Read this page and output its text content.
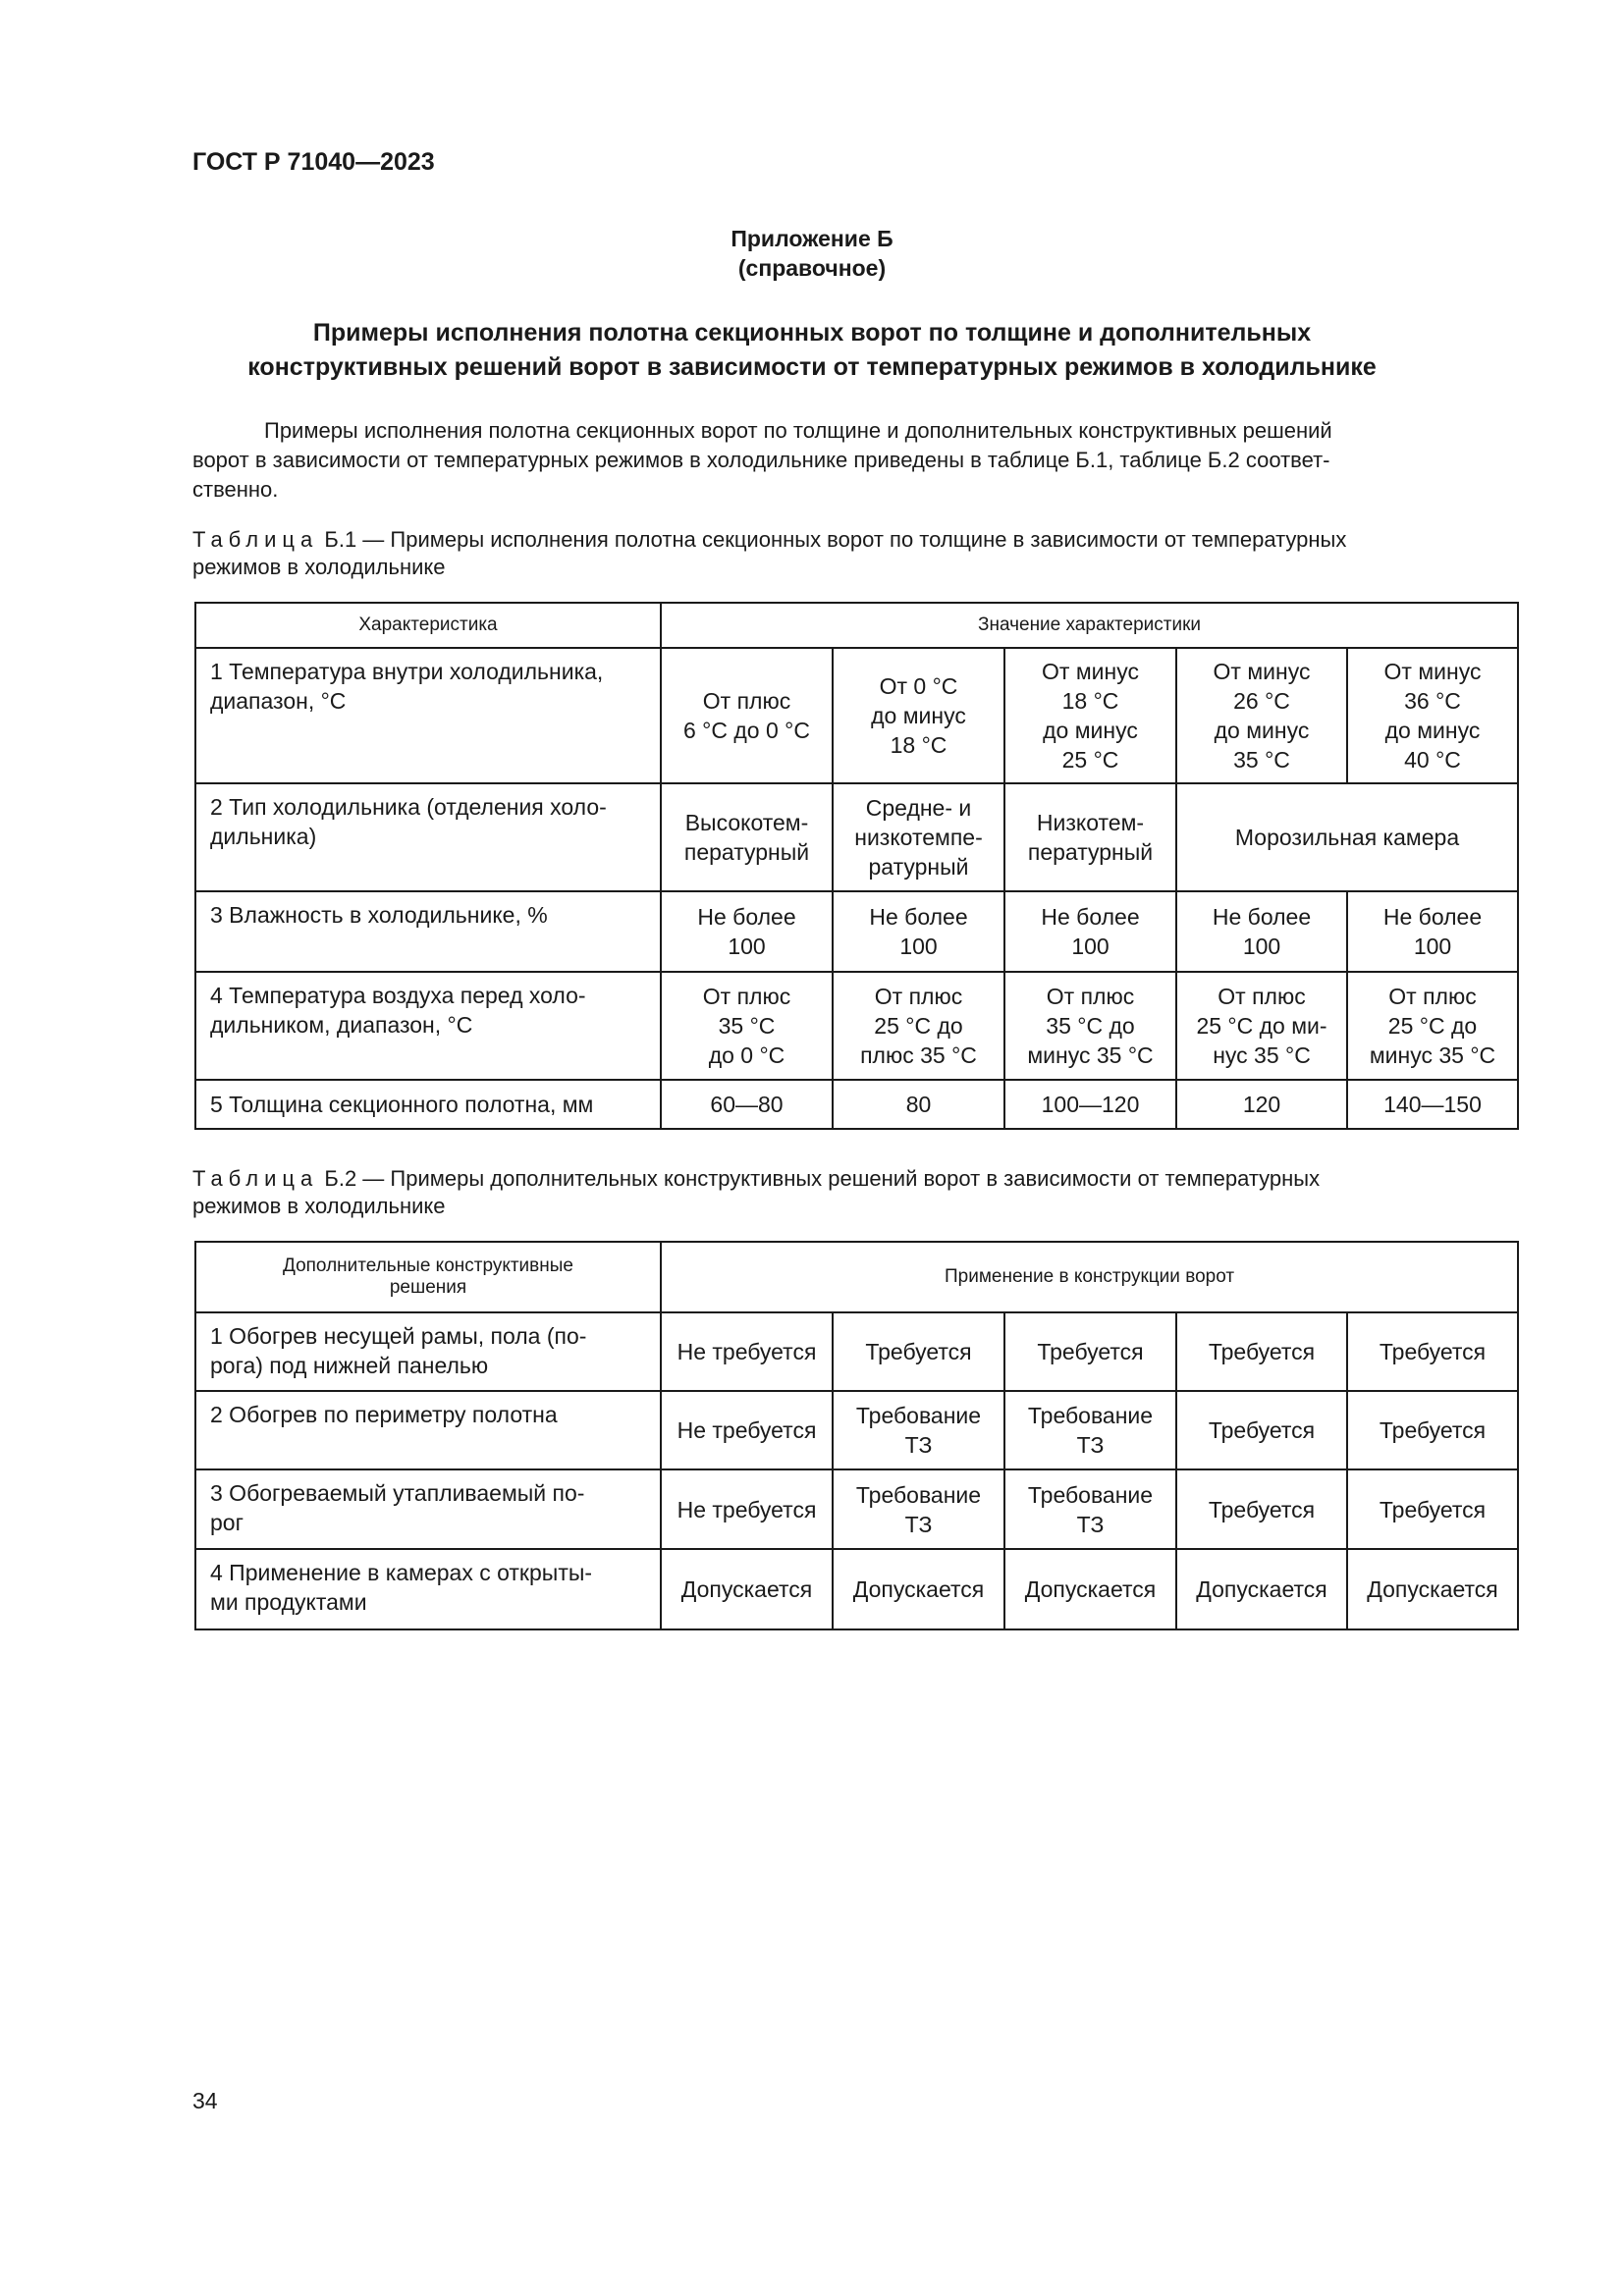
ГОСТ Р 71040—2023
Приложение Б
(справочное)
Примеры исполнения полотна секционных ворот по толщине и дополнительных
конструктивных решений ворот в зависимости от температурных режимов в холодильнике
Примеры исполнения полотна секционных ворот по толщине и дополнительных конструктивных решений
ворот в зависимости от температурных режимов в холодильнике приведены в таблице Б.1, таблице Б.2 соответ-
ственно.
Таблица Б.1 — Примеры исполнения полотна секционных ворот по толщине в зависимости от температурных
режимов в холодильнике
Характеристика	Значение характеристики				

1 Температура внутри холодильника,
диапазон, °С	От плюс
6 °С до 0 °С	От 0 °С
до минус
18 °С	От минус
18 °С
до минус
25 °С	От минус
26 °С
до минус
35 °С	От минус
36 °С
до минус
40 °С

2 Тип холодильника (отделения холо-
дильника)	Высокотем-
пературный	Средне- и
низкотемпе-
ратурный	Низкотем-
пературный	Морозильная камера	

3 Влажность в холодильнике, %	Не более
100	Не более
100	Не более
100	Не более
100	Не более
100

4 Температура воздуха перед холо-
дильником, диапазон, °С	От плюс
35 °С
до 0 °С	От плюс
25 °С до
плюс 35 °С	От плюс
35 °С до
минус 35 °С	От плюс
25 °С до ми-
нус 35 °С	От плюс
25 °С до
минус 35 °С

5 Толщина секционного полотна, мм	60—80	80	100—120	120	140—150
Таблица Б.2 — Примеры дополнительных конструктивных решений ворот в зависимости от температурных
режимов в холодильнике
Дополнительные конструктивные
решения	Применение в конструкции ворот				

1 Обогрев несущей рамы, пола (по-
рога) под нижней панелью	Не требуется	Требуется	Требуется	Требуется	Требуется

2 Обогрев по периметру полотна	Не требуется	Требование
ТЗ	Требование
ТЗ	Требуется	Требуется

3 Обогреваемый утапливаемый по-
рог	Не требуется	Требование
ТЗ	Требование
ТЗ	Требуется	Требуется

4 Применение в камерах с открыты-
ми продуктами	Допускается	Допускается	Допускается	Допускается	Допускается
34
